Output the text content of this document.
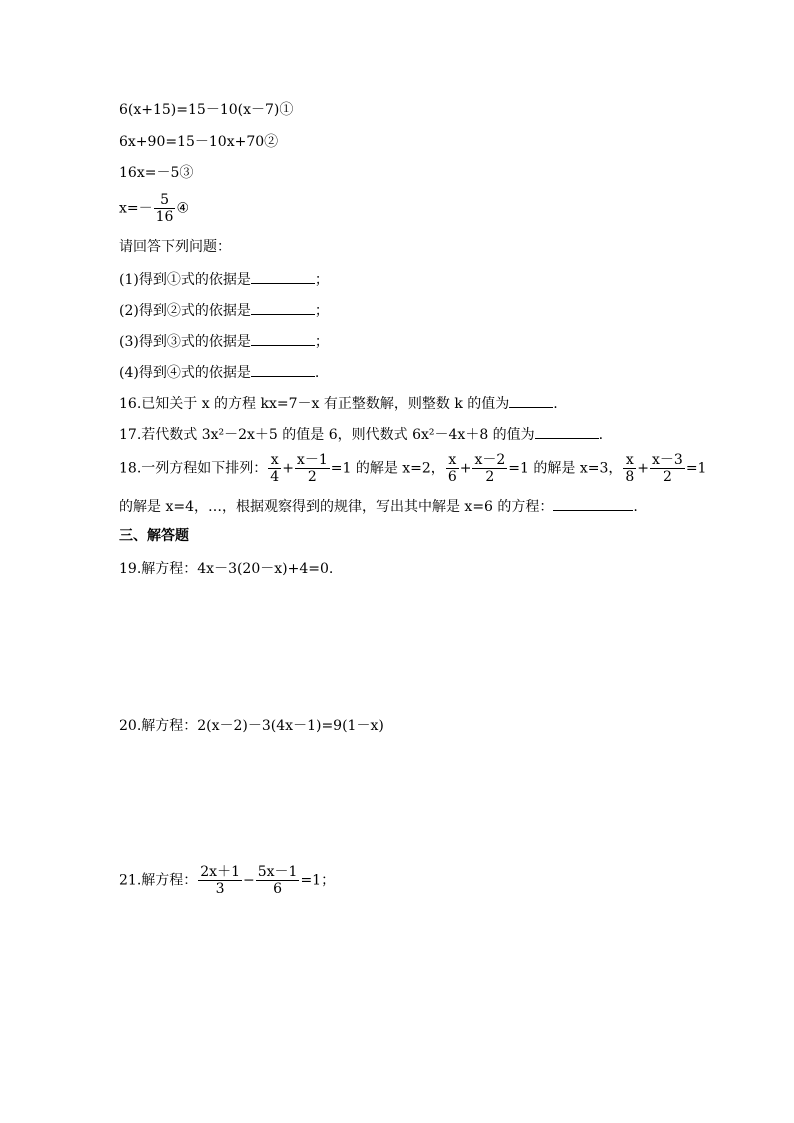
6(x+15)=15－10(x－7)①
6x+90=15－10x+70②
16x=－5③
$x=- \frac{5}{16}$ ④
请回答下列问题：
(1)得到①式的依据是	；
(2)得到②式的依据是	；
(3)得到③式的依据是	；
(4)得到④式的依据是	.
16.已知关于 x 的方程 kx=7－x 有正整数解，则整数 k 的值为	.
17.若代数式 3x²－2x＋5 的值是 6，则代数式 6x²－4x＋8 的值为	.
18.一列方程如下排列： $\frac{x}{4} + \frac{x-1}{2} =1$ 的解是 x=2， $\frac{x}{6} + \frac{x-2}{2} =1$ 的解是 x=3， $\frac{x}{8} + \frac{x-3}{2} =1$
的解是 x=4，…，根据观察得到的规律，写出其中解是 x=6 的方程：	.
三、解答题
19.解方程：4x－3(20－x)+4=0.
20.解方程：2(x－2)－3(4x－1)=9(1－x)
21.解方程： $\frac{2x+1}{3} - \frac{5x-1}{6} =1$；
